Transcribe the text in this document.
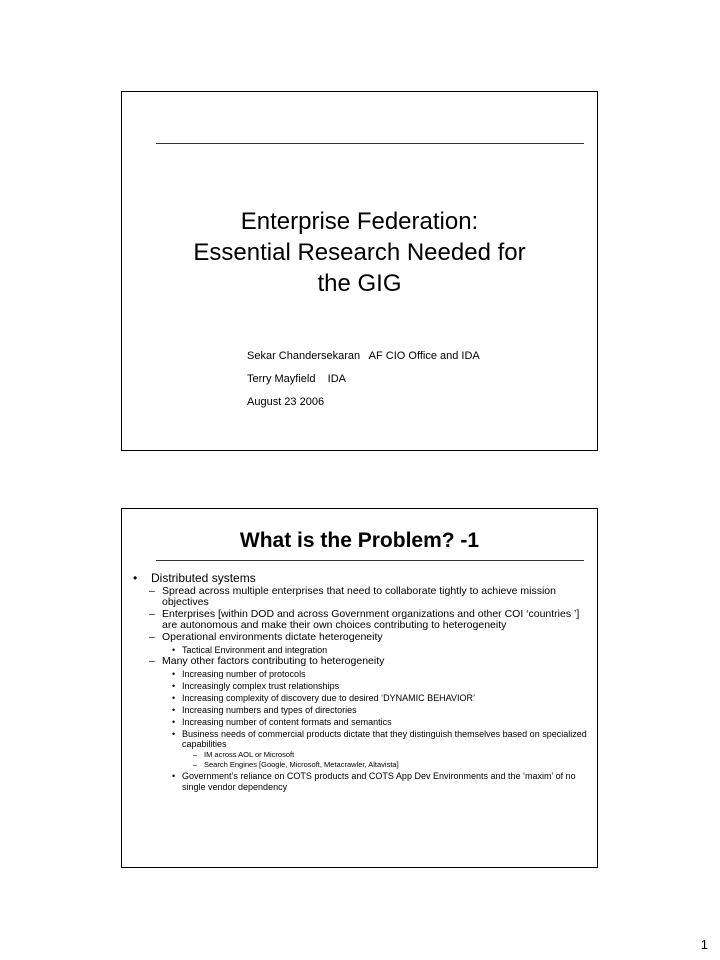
Enterprise Federation:
Essential Research Needed for
the GIG
Sekar Chandersekaran   AF CIO Office and IDA
Terry Mayfield    IDA
August 23 2006
What is the Problem? -1
• Distributed systems
– Spread across multiple enterprises that need to collaborate tightly to achieve mission objectives
– Enterprises [within DOD and across Government organizations and other COI ‘countries ’] are autonomous and make their own choices contributing to heterogeneity
– Operational environments dictate heterogeneity
• Tactical Environment and integration
– Many other factors contributing to heterogeneity
• Increasing number of protocols
• Increasingly complex trust relationships
• Increasing complexity of discovery due to desired ‘DYNAMIC BEHAVIOR’
• Increasing numbers and types of directories
• Increasing number of content formats and semantics
• Business needs of commercial products dictate that they distinguish themselves based on specialized capabilities
– IM across AOL or Microsoft
– Search Engines [Google, Microsoft, Metacrawler, Altavista]
• Government’s reliance on COTS products and COTS App Dev Environments and the ‘maxim’ of no single vendor dependency
1
